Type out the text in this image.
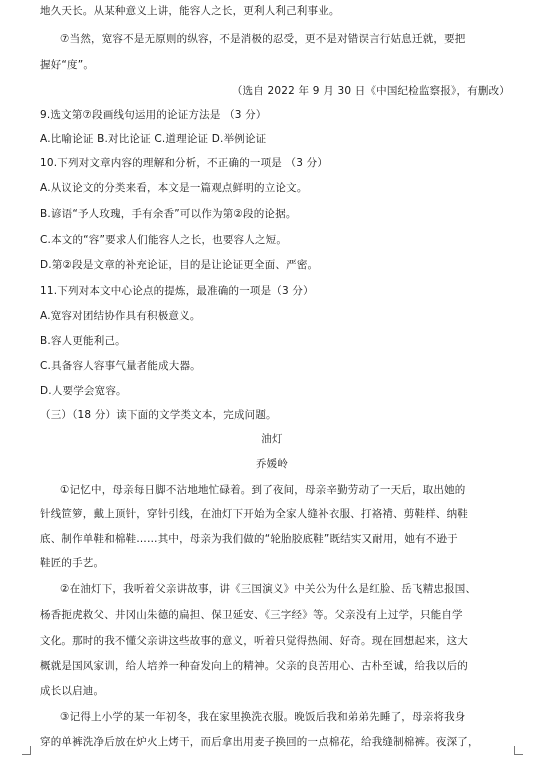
地久天长。从某种意义上讲，能容人之长，更利人利己利事业。
⑦当然，宽容不是无原则的纵容，不是消极的忍受，更不是对错误言行姑息迁就，要把
握好“度”。
（选自 2022 年 9 月 30 日《中国纪检监察报》，有删改）
9.选文第⑦段画线句运用的论证方法是 （3 分）
A.比喻论证 B.对比论证 C.道理论证 D.举例论证
10.下列对文章内容的理解和分析，不正确的一项是 （3 分）
A.从议论文的分类来看，本文是一篇观点鲜明的立论文。
B.谚语“予人玫瑰，手有余香”可以作为第②段的论据。
C.本文的“容”要求人们能容人之长，也要容人之短。
D.第②段是文章的补充论证，目的是让论证更全面、严密。
11.下列对本文中心论点的提炼，最准确的一项是（3 分）
A.宽容对团结协作具有积极意义。
B.容人更能利己。
C.具备容人容事气量者能成大器。
D.人要学会宽容。
（三）（18 分）读下面的文学类文本，完成问题。
油灯
乔媛岭
①记忆中，母亲每日脚不沾地地忙碌着。到了夜间，母亲辛勤劳动了一天后，取出她的
针线笸箩，戴上顶针，穿针引线，在油灯下开始为全家人缝补衣服、打袼褙、剪鞋样、纳鞋
底、制作单鞋和棉鞋……其中，母亲为我们做的“轮胎胶底鞋”既结实又耐用，她有不逊于
鞋匠的手艺。
②在油灯下，我听着父亲讲故事，讲《三国演义》中关公为什么是红脸、岳飞精忠报国、
杨香扼虎救父、井冈山朱德的扁担、保卫延安、《三字经》等。父亲没有上过学，只能自学
文化。那时的我不懂父亲讲这些故事的意义，听着只觉得热闹、好奇。现在回想起来，这大
概就是国风家训，给人培养一种奋发向上的精神。父亲的良苦用心、古朴至诚，给我以后的
成长以启迪。
③记得上小学的某一年初冬，我在家里换洗衣服。晚饭后我和弟弟先睡了，母亲将我身
穿的单裤洗净后放在炉火上烤干，而后拿出用麦子换回的一点棉花，给我缝制棉裤。夜深了，
